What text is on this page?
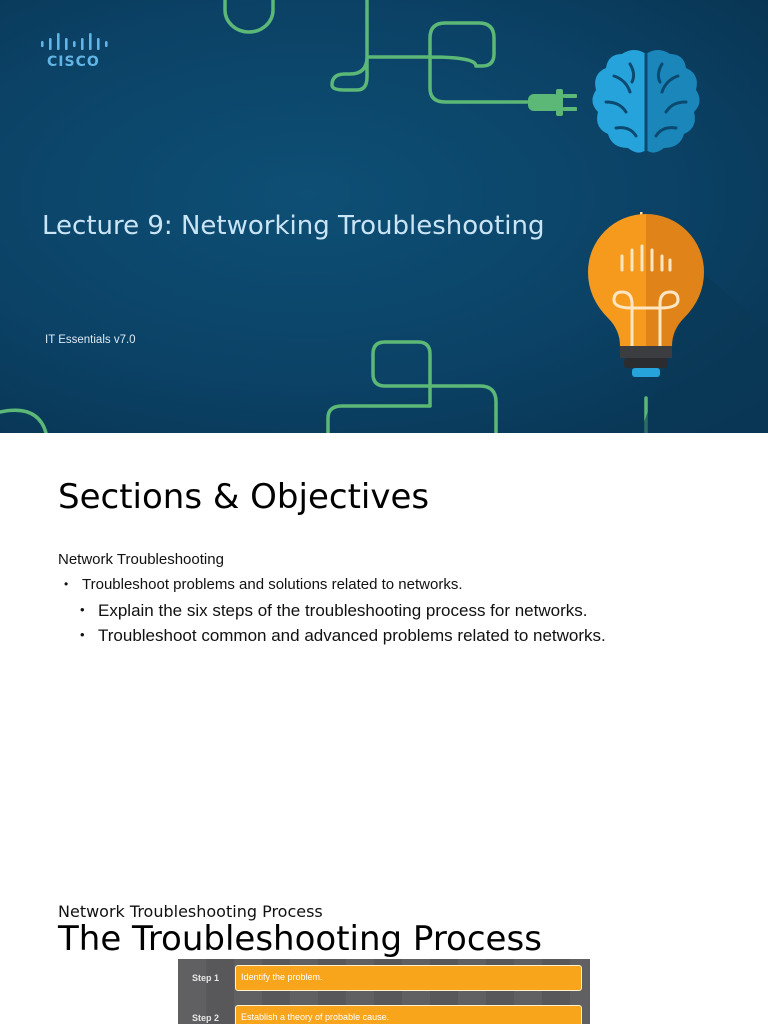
CISCO
Lecture 9: Networking Troubleshooting
IT Essentials v7.0
Sections & Objectives
Network Troubleshooting
• Troubleshoot problems and solutions related to networks.
• Explain the six steps of the troubleshooting process for networks.
• Troubleshoot common and advanced problems related to networks.
Network Troubleshooting Process
The Troubleshooting Process
Step 1 Identify the problem.
Step 2 Establish a theory of probable cause.
